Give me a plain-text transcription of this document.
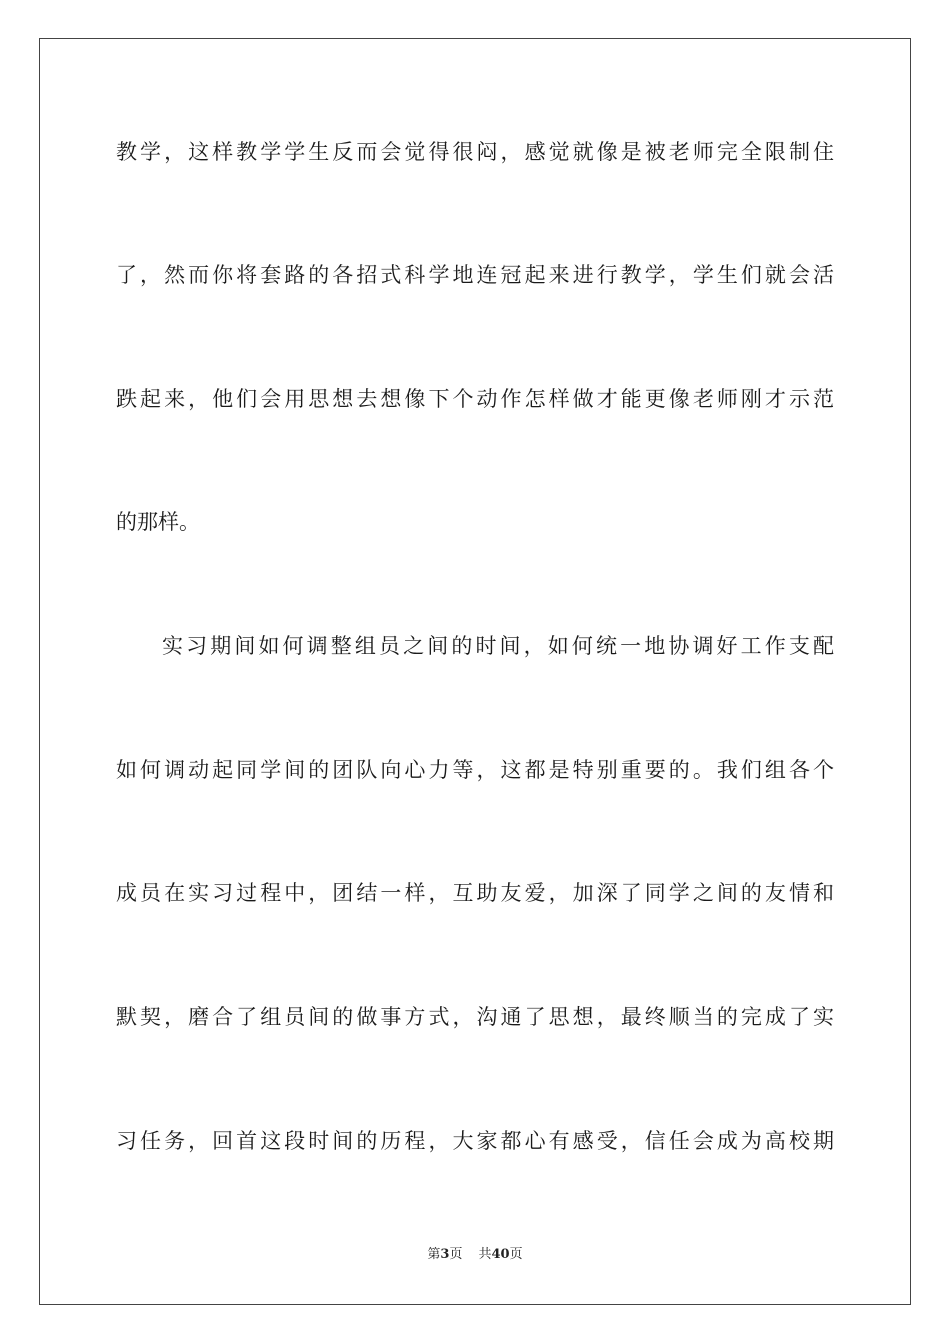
教学，这样教学学生反而会觉得很闷，感觉就像是被老师完全限制住
了，然而你将套路的各招式科学地连冠起来进行教学，学生们就会活
跌起来，他们会用思想去想像下个动作怎样做才能更像老师刚才示范
的那样。
实习期间如何调整组员之间的时间，如何统一地协调好工作支配
如何调动起同学间的团队向心力等，这都是特别重要的。我们组各个
成员在实习过程中，团结一样，互助友爱，加深了同学之间的友情和
默契，磨合了组员间的做事方式，沟通了思想，最终顺当的完成了实
习任务，回首这段时间的历程，大家都心有感受，信任会成为高校期
第3页 共40页
